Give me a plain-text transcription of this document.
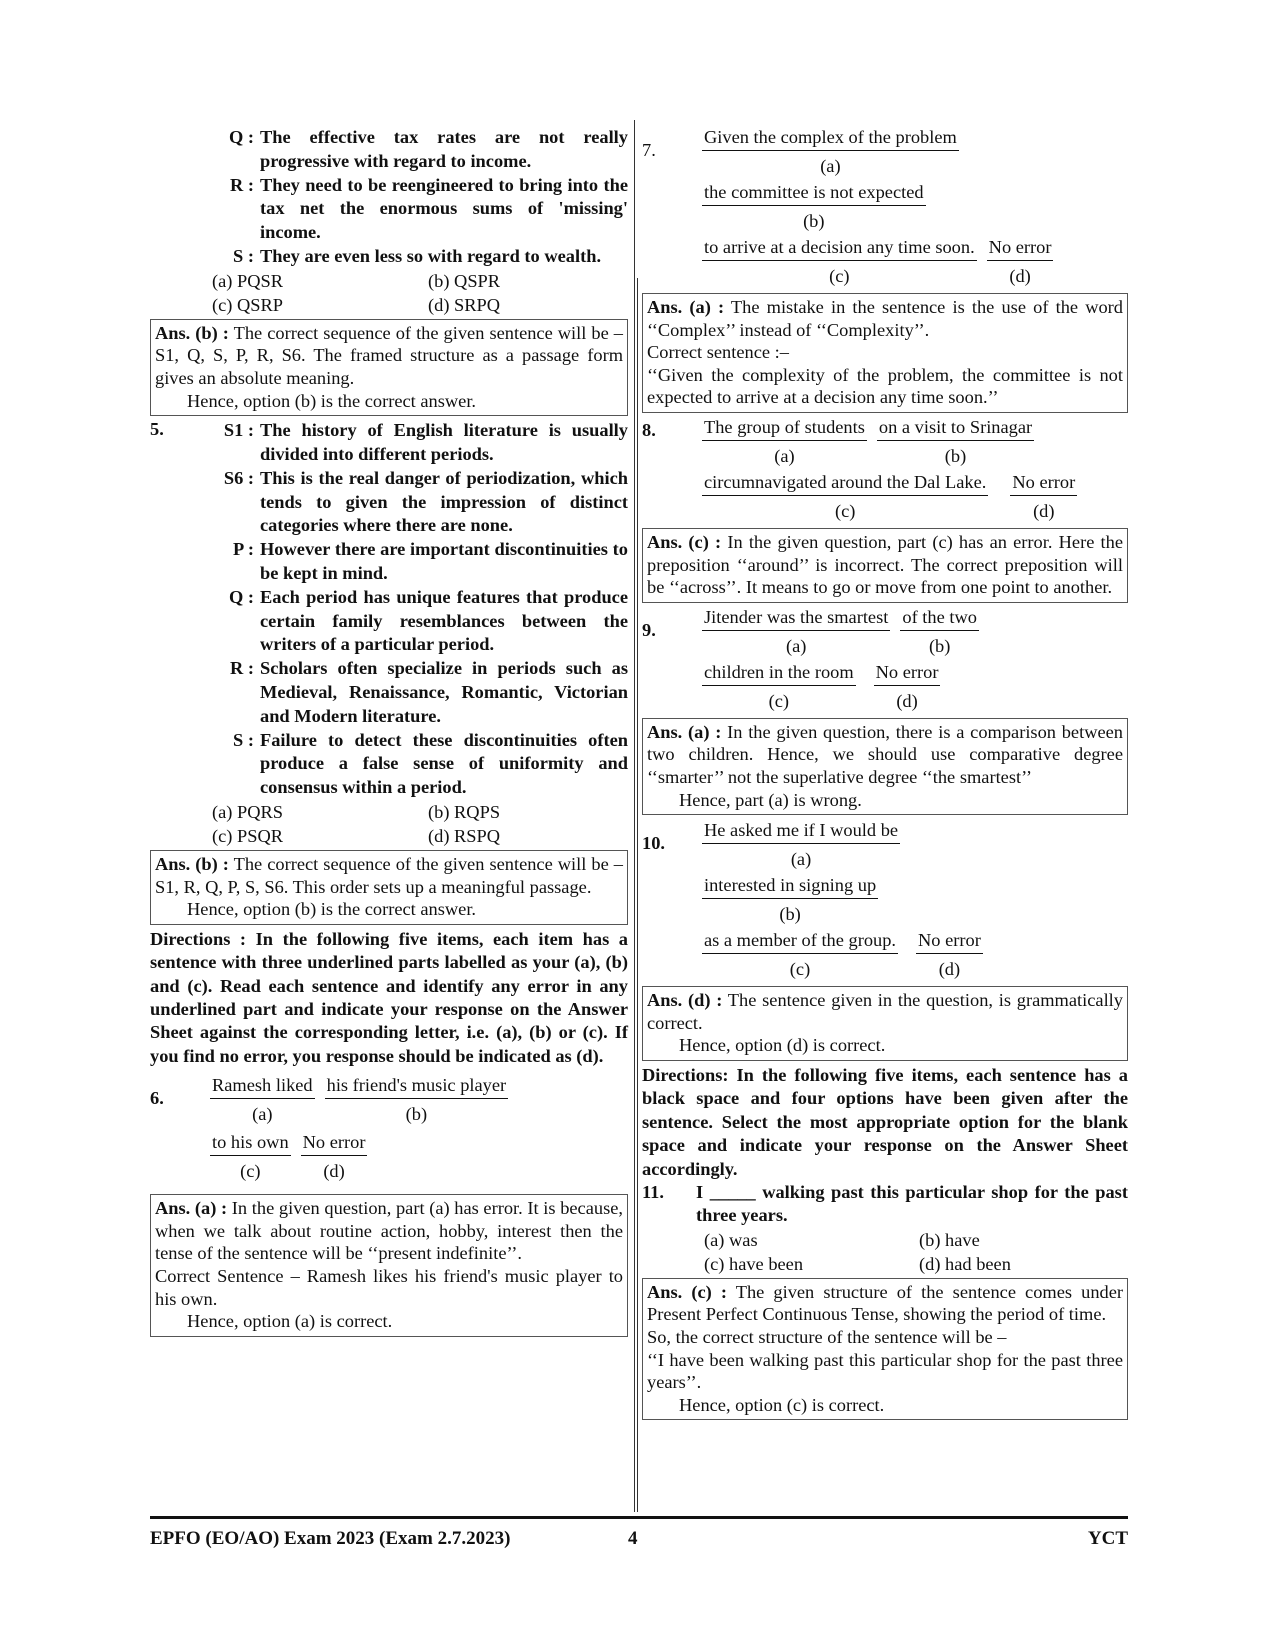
Q : The effective tax rates are not really progressive with regard to income.
R : They need to be reengineered to bring into the tax net the enormous sums of 'missing' income.
S : They are even less so with regard to wealth.
(a) PQSR	(b) QSPR
(c) QSRP	(d) SRPQ
Ans. (b) : The correct sequence of the given sentence will be – S1, Q, S, P, R, S6. The framed structure as a passage form gives an absolute meaning.
Hence, option (b) is the correct answer.
5.	S1 : The history of English literature is usually divided into different periods.
S6 : This is the real danger of periodization, which tends to given the impression of distinct categories where there are none.
P : However there are important discontinuities to be kept in mind.
Q : Each period has unique features that produce certain family resemblances between the writers of a particular period.
R : Scholars often specialize in periods such as Medieval, Renaissance, Romantic, Victorian and Modern literature.
S : Failure to detect these discontinuities often produce a false sense of uniformity and consensus within a period.
(a) PQRS	(b) RQPS
(c) PSQR	(d) RSPQ
Ans. (b) : The correct sequence of the given sentence will be – S1, R, Q, P, S, S6. This order sets up a meaningful passage.
Hence, option (b) is the correct answer.
Directions : In the following five items, each item has a sentence with three underlined parts labelled as your (a), (b) and (c). Read each sentence and identify any error in any underlined part and indicate your response on the Answer Sheet against the corresponding letter, i.e. (a), (b) or (c). If you find no error, you response should be indicated as (d).
6.
Ramesh liked
(a)
his friend's music player
(b)
to his own
(c)
No error
(d)
Ans. (a) : In the given question, part (a) has error. It is because, when we talk about routine action, hobby, interest then the tense of the sentence will be ‘‘present indefinite’’.
Correct Sentence – Ramesh likes his friend's music player to his own.
Hence, option (a) is correct.
7.
Given the complex of the problem
(a)
the committee is not expected
(b)
to arrive at a decision any time soon.
(c)
No error
(d)
Ans. (a) : The mistake in the sentence is the use of the word ‘‘Complex’’ instead of ‘‘Complexity’’.
Correct sentence :–
‘‘Given the complexity of the problem, the committee is not expected to arrive at a decision any time soon.’’
8.	The group of students
(a)
on a visit to Srinagar
(b)
circumnavigated around the Dal Lake.
(c)
No error
(d)
Ans. (c) : In the given question, part (c) has an error. Here the preposition ‘‘around’’ is incorrect. The correct preposition will be ‘‘across’’. It means to go or move from one point to another.
9.
Jitender was the smartest
(a)
of the two
(b)
children in the room
(c)
No error
(d)
Ans. (a) : In the given question, there is a comparison between two children. Hence, we should use comparative degree ‘‘smarter’’ not the superlative degree ‘‘the smartest’’
Hence, part (a) is wrong.
10.
He asked me if I would be
(a)
interested in signing up
(b)
as a member of the group.
(c)
No error
(d)
Ans. (d) : The sentence given in the question, is grammatically correct.
Hence, option (d) is correct.
Directions: In the following five items, each sentence has a black space and four options have been given after the sentence. Select the most appropriate option for the blank space and indicate your response on the Answer Sheet accordingly.
11.	I _____ walking past this particular shop for the past three years.
(a) was	(b) have
(c) have been	(d) had been
Ans. (c) : The given structure of the sentence comes under Present Perfect Continuous Tense, showing the period of time.
So, the correct structure of the sentence will be –
‘‘I have been walking past this particular shop for the past three years’’.
Hence, option (c) is correct.
EPFO (EO/AO) Exam 2023 (Exam 2.7.2023)	4	YCT
